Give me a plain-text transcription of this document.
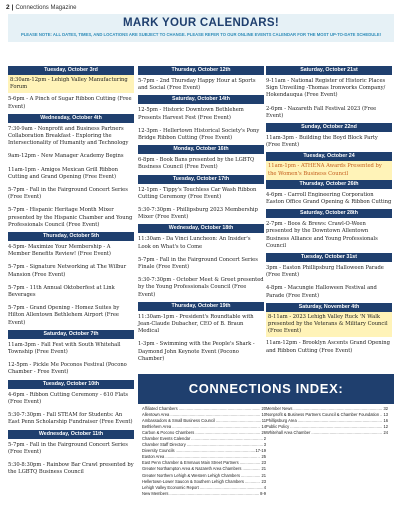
2 | Connections Magazine
MARK YOUR CALENDARS!
PLEASE NOTE: ALL DATES, TIMES, AND LOCATIONS ARE SUBJECT TO CHANGE. PLEASE REFER TO OUR ONLINE EVENTS CALENDAR FOR THE MOST UP-TO-DATE SCHEDULE!
Tuesday, October 3rd
8:30am-12pm - Lehigh Valley Manufacturing Forum
5-6pm - A Pinch of Sugar Ribbon Cutting (Free Event)
Wednesday, October 4th
7:30-9am - Nonprofit and Business Partners Collaboration Breakfast - Exploring the Intersectionality of Humanity and Technology
9am-12pm - New Manager Academy Begins
11am-1pm - Amigos Mexican Grill Ribbon Cutting and Grand Opening (Free Event)
5-7pm - Fall in the Fairground Concert Series (Free Event)
5-7pm - Hispanic Heritage Month Mixer presented by the Hispanic Chamber and Young Professionals Council (Free Event)
Thursday, October 5th
4-5pm- Maximize Your Membership - A Member Benefits Review! (Free Event)
5-7pm - Signature Networking at The Wilbur Mansion (Free Event)
5-7pm - 11th Annual Oktoberfest at Link Beverages
5-7pm - Grand Opening - Homez Suites by Hilton Allentown Bethlehem Airport (Free Event)
Saturday, October 7th
11am-3pm - Fall Fest with South Whitehall Township (Free Event)
12-5pm - Pickle Me Poconos Festival (Pocono Chamber - Free Event)
Tuesday, October 10th
4-6pm - Ribbon Cutting Ceremony - 610 Flats (Free Event)
5:30-7:30pm - Fall STEAM for Students: An East Penn Scholarship Fundraiser (Free Event)
Wednesday, October 11th
5-7pm - Fall in the Fairground Concert Series (Free Event)
5:30-8:30pm - Rainbow Bar Crawl presented by the LGBTQ Business Council
Thursday, October 12th
5-7pm - 2nd Thursday Happy Hour at Sports and Social (Free Event)
Saturday, October 14th
12-5pm - Historic Downtown Bethlehem Presents Harvest Fest (Free Event)
12-3pm - Hellertown Historical Society's Pony Bridge Ribbon Cutting (Free Event)
Monday, October 16th
6-8pm - Book Bans presented by the LGBTQ Business Council (Free Event)
Tuesday, October 17th
12-1pm - Tippy's Touchless Car Wash Ribbon Cutting Ceremony (Free Event)
5:30-7:30pm - Phillipsburg 2023 Membership Mixer (Free Event)
Wednesday, October 18th
11:30am - Da Vinci Luncheon: An Insider's Look on What's to Come
5-7pm - Fall in the Fairground Concert Series Finale (Free Event)
5:30-7:30pm - October Meet & Greet presented by the Young Professionals Council (Free Event)
Thursday, October 19th
11:30am-1pm - President's Roundtable with Jean-Claude Dubacher, CEO of B. Braun Medical
1-3pm - Swimming with the People's Shark - Daymond John Keynote Event (Pocono Chamber)
Saturday, October 21st
9-11am - National Register of Historic Places Sign Unveiling -Thomas Ironworks Company/ Hokendauqua (Free Event)
2-6pm - Nazareth Fall Festival 2023 (Free Event)
Sunday, October 22nd
11am-3pm - Building the Boyd Block Party (Free Event)
Tuesday, October 24
11am-1pm - ATHENA Awards Presented by the Women's Business Council
Thursday, October 26th
4-6pm - Carroll Engineering Corporation Easton Office Grand Opening & Ribbon Cutting
Saturday, October 28th
2-7pm - Boos & Brews: Crawl-O-Ween presented by the Downtown Allentown Business Alliance and Young Professionals Council
Tuesday, October 31st
3pm - Easton Phillipsburg Halloween Parade (Free Event)
4-8pm - Macungie Halloween Festival and Parade (Free Event)
Saturday, November 4th
8-11am - 2023 Lehigh Valley Ruck 'N Walk presented by the Veterans & Military Council (Free Event)
11am-12pm - Brooklyn Ascents Grand Opening and Ribbon Cutting (Free Event)
CONNECTIONS INDEX:
Affiliated Chambers .....	20
Allentown Area .....	10
Ambassadors & Small Business Council .....	11
Bethlehem Area .....	14
Carbon & Pocono Chambers .....	26
Chamber Events Calendar .....	2
Chamber Staff Directory .....	3
Diversity Councils .....	17-19
Easton Area .....	25
East Penn Chamber & Emmaus Main Street Partners .....	23
Greater Northampton Area & Nazareth Area Chambers .....	21
Greater Northern Lehigh & Western Lehigh Chambers .....	21
Hellertown-Lower Saucon & Southern Lehigh Chambers .....	23
Lehigh Valley Economic Report .....	4
New Members .....	8-9
Member News .....	32
Nonprofit & Business Partners Council & Chamber Foundation ..... 13
Phillipsburg Area .....	16
Public Policy .....	12
Whitehall Area Chamber .....	24
